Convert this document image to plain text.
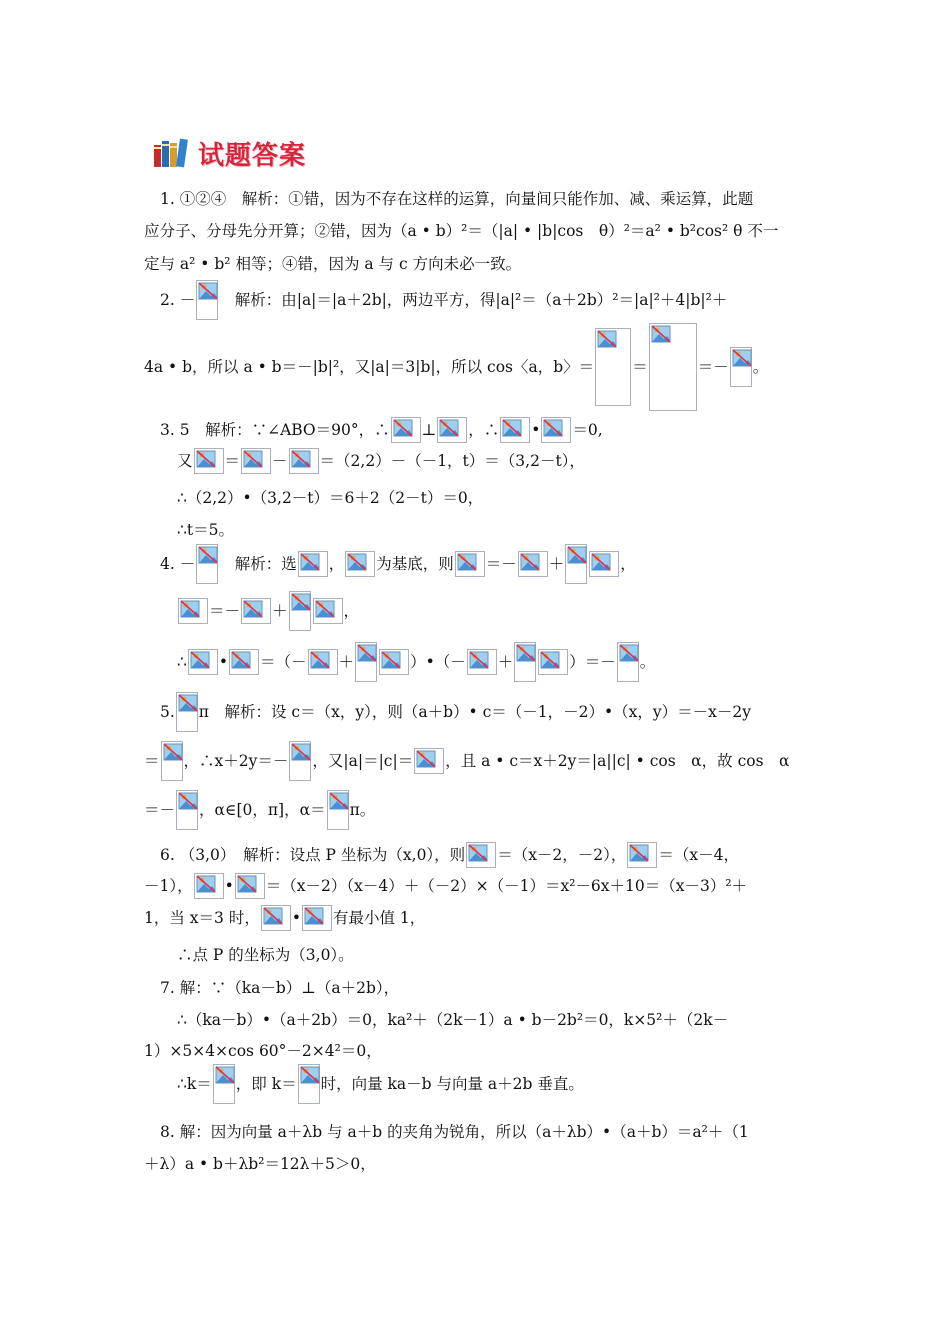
试题答案
1. ①②④　解析：①错，因为不存在这样的运算，向量间只能作加、减、乘运算，此题
应分子、分母先分开算；②错，因为（a • b）²＝（|a| • |b|cos　θ）²＝a² • b²cos² θ 不一
定与 a² • b² 相等；④错，因为 a 与 c 方向未必一致。
2. － 　解析：由|a|＝|a＋2b|，两边平方，得|a|²＝（a＋2b）²＝|a|²＋4|b|²＋
4a • b，所以 a • b＝－|b|²，又|a|＝3|b|，所以 cos〈a，b〉＝ ＝	＝－ 。
3. 5　解析：∵∠ABO＝90°，∴ ⊥ ，∴ • ＝0,
又 ＝ － ＝（2,2）－（－1，t）＝（3,2－t），
∴（2,2）•（3,2－t）＝6＋2（2－t）＝0，
∴t＝5。
4. － 　解析：选 ， 为基底，则 ＝－ ＋	，
＝－ ＋	，
∴ • ＝（－ ＋	）•（－ ＋	）＝－ 。
5. π　解析：设 c＝（x，y），则（a＋b）• c＝（－1，－2）•（x，y）＝－x－2y
＝ ，∴x＋2y＝－ ，又|a|＝|c|＝ ，且 a • c＝x＋2y＝|a||c| • cos　α，故 cos　α
＝－ ，α∈[0，π]，α＝ π。
6. （3,0）　解析：设点 P 坐标为（x,0），则 ＝（x－2，－2）， ＝（x－4，
－1）， • ＝（x－2）（x－4）＋（－2）×（－1）＝x²－6x＋10＝（x－3）²＋
1，当 x＝3 时， • 有最小值 1，
∴点 P 的坐标为（3,0）。
7. 解：∵（ka－b）⊥（a＋2b），
∴（ka－b）•（a＋2b）＝0，ka²＋（2k－1）a • b－2b²＝0，k×5²＋（2k－
1）×5×4×cos 60°－2×4²＝0，
∴k＝ ，即 k＝ 时，向量 ka－b 与向量 a＋2b 垂直。
8. 解：因为向量 a＋λb 与 a＋b 的夹角为锐角，所以（a＋λb）•（a＋b）＝a²＋（1
＋λ）a • b＋λb²＝12λ＋5＞0，
